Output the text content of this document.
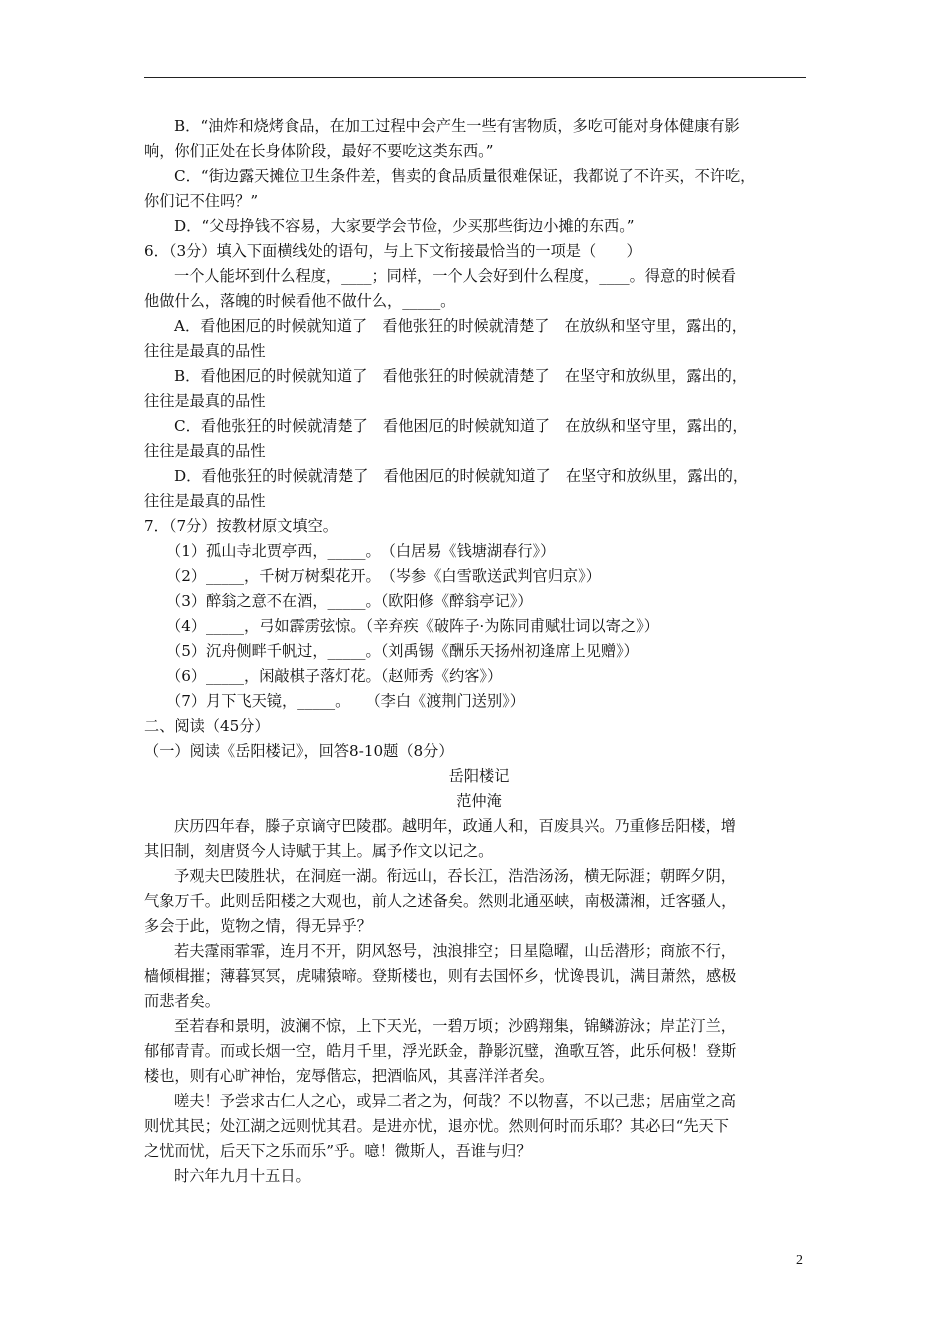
B．“油炸和烧烤食品，在加工过程中会产生一些有害物质，多吃可能对身体健康有影
响，你们正处在长身体阶段，最好不要吃这类东西。”
C．“街边露天摊位卫生条件差，售卖的食品质量很难保证，我都说了不许买，不许吃，
你们记不住吗？”
D．“父母挣钱不容易，大家要学会节俭，少买那些街边小摊的东西。”
6．（3分）填入下面横线处的语句，与上下文衔接最恰当的一项是（　　）
一个人能坏到什么程度，____；同样，一个人会好到什么程度，____。得意的时候看
他做什么，落魄的时候看他不做什么，_____。
A．看他困厄的时候就知道了　看他张狂的时候就清楚了　在放纵和坚守里，露出的，
往往是最真的品性
B．看他困厄的时候就知道了　看他张狂的时候就清楚了　在坚守和放纵里，露出的，
往往是最真的品性
C．看他张狂的时候就清楚了　看他困厄的时候就知道了　在放纵和坚守里，露出的，
往往是最真的品性
D．看他张狂的时候就清楚了　看他困厄的时候就知道了　在坚守和放纵里，露出的，
往往是最真的品性
7．（7分）按教材原文填空。
（1）孤山寺北贾亭西，_____。　（白居易《钱塘湖春行》）
（2）_____，千树万树梨花开。　（岑参《白雪歌送武判官归京》）
（3）醉翁之意不在酒，_____。（欧阳修《醉翁亭记》）
（4）_____，弓如霹雳弦惊。（辛弃疾《破阵子·为陈同甫赋壮词以寄之》）
（5）沉舟侧畔千帆过，_____。（刘禹锡《酬乐天扬州初逢席上见赠》）
（6）_____，闲敲棋子落灯花。（赵师秀《约客》）
（7）月下飞天镜，_____。　　（李白《渡荆门送别》）
二、阅读（45分）
（一）阅读《岳阳楼记》，回答8-10题（8分）
岳阳楼记
范仲淹
庆历四年春，滕子京谪守巴陵郡。越明年，政通人和，百废具兴。乃重修岳阳楼，增
其旧制，刻唐贤今人诗赋于其上。属予作文以记之。
予观夫巴陵胜状，在洞庭一湖。衔远山，吞长江，浩浩汤汤，横无际涯；朝晖夕阴，
气象万千。此则岳阳楼之大观也，前人之述备矣。然则北通巫峡，南极潇湘，迁客骚人，
多会于此，览物之情，得无异乎？
若夫霪雨霏霏，连月不开，阴风怒号，浊浪排空；日星隐曜，山岳潜形；商旅不行，
樯倾楫摧；薄暮冥冥，虎啸猿啼。登斯楼也，则有去国怀乡，忧谗畏讥，满目萧然，感极
而悲者矣。
至若春和景明，波澜不惊，上下天光，一碧万顷；沙鸥翔集，锦鳞游泳；岸芷汀兰，
郁郁青青。而或长烟一空，皓月千里，浮光跃金，静影沉璧，渔歌互答，此乐何极！登斯
楼也，则有心旷神怡，宠辱偕忘，把酒临风，其喜洋洋者矣。
嗟夫！予尝求古仁人之心，或异二者之为，何哉？不以物喜，不以己悲；居庙堂之高
则忧其民；处江湖之远则忧其君。是进亦忧，退亦忧。然则何时而乐耶？其必曰“先天下
之忧而忧，后天下之乐而乐”乎。噫！微斯人，吾谁与归？
时六年九月十五日。
2
